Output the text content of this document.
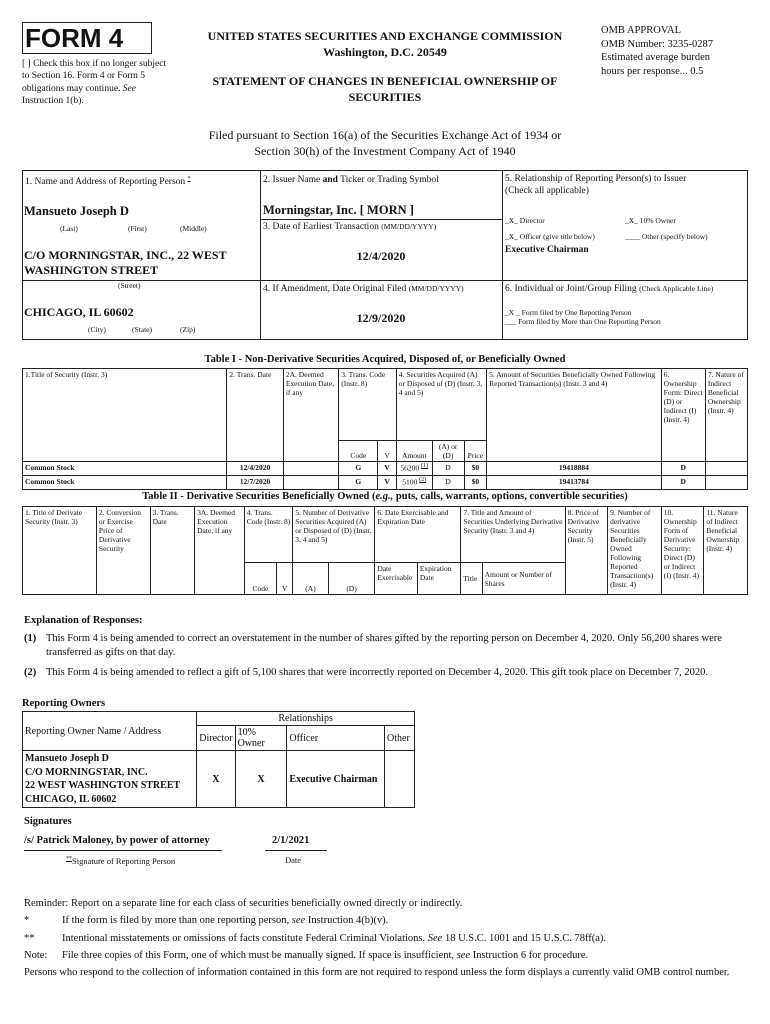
FORM 4
[ ] Check this box if no longer subject to Section 16. Form 4 or Form 5 obligations may continue. See Instruction 1(b).
UNITED STATES SECURITIES AND EXCHANGE COMMISSION
Washington, D.C. 20549
STATEMENT OF CHANGES IN BENEFICIAL OWNERSHIP OF SECURITIES
OMB APPROVAL
OMB Number: 3235-0287
Estimated average burden
hours per response... 0.5
Filed pursuant to Section 16(a) of the Securities Exchange Act of 1934 or
Section 30(h) of the Investment Company Act of 1940
1. Name and Address of Reporting Person *
Mansueto Joseph D
(Last)	(First)	(Middle)
C/O MORNINGSTAR, INC., 22 WEST WASHINGTON STREET
(Street)
CHICAGO, IL 60602
(City)	(State)	(Zip)
2. Issuer Name and Ticker or Trading Symbol
Morningstar, Inc. [ MORN ]
3. Date of Earliest Transaction (MM/DD/YYYY)
12/4/2020
4. If Amendment, Date Original Filed (MM/DD/YYYY)
12/9/2020
5. Relationship of Reporting Person(s) to Issuer
(Check all applicable)
_X_ Director	_X_ 10% Owner
_X_ Officer (give title below)	____ Other (specify below)
Executive Chairman
6. Individual or Joint/Group Filing (Check Applicable Line)
_X _ Form filed by One Reporting Person
___ Form filed by More than One Reporting Person
Table I - Non-Derivative Securities Acquired, Disposed of, or Beneficially Owned
1.Title of Security (Instr. 3)	2. Trans. Date	2A. Deemed Execution Date, if any	3. Trans. Code (Instr. 8)		4. Securities Acquired (A) or Disposed of (D) (Instr. 3, 4 and 5)			5. Amount of Securities Beneficially Owned Following Reported Transaction(s) (Instr. 3 and 4)	6. Ownership Form: Direct (D) or Indirect (I) (Instr. 4)	7. Nature of Indirect Beneficial Ownership (Instr. 4)
			Code	V	Amount	(A) or (D)	Price			
Common Stock	12/4/2020		G	V	56200 $^{(1)}$	D	$0	19418884	D	
Common Stock	12/7/2020		G	V	5100 $^{(2)}$	D	$0	19413784	D	
Table II - Derivative Securities Beneficially Owned (e.g., puts, calls, warrants, options, convertible securities)
1. Title of Derivate Security (Instr. 3)	2. Conversion or Exercise Price of Derivative Security	3. Trans. Date	3A. Deemed Execution Date, if any	4. Trans. Code (Instr. 8)		5. Number of Derivative Securities Acquired (A) or Disposed of (D) (Instr. 3, 4 and 5)		6. Date Exercisable and Expiration Date		7. Title and Amount of Securities Underlying Derivative Security (Instr. 3 and 4)		8. Price of Derivative Security (Instr. 5)	9. Number of derivative Securities Beneficially Owned Following Reported Transaction(s) (Instr. 4)	10. Ownership Form of Derivative Security: Direct (D) or Indirect (I) (Instr. 4)	11. Nature of Indirect Beneficial Ownership (Instr. 4)
				Code	V	(A)	(D)	Date Exercisable	Expiration Date	Title	Amount or Number of Shares				
Explanation of Responses:
(1) This Form 4 is being amended to correct an overstatement in the number of shares gifted by the reporting person on December 4, 2020. Only 56,200 shares were transferred as gifts on that day.
(2) This Form 4 is being amended to reflect a gift of 5,100 shares that were incorrectly reported on December 4, 2020. This gift took place on December 7, 2020.
Reporting Owners
Reporting Owner Name / Address	Relationships			
	Director	10% Owner	Officer	Other

Mansueto Joseph D
C/O MORNINGSTAR, INC.
22 WEST WASHINGTON STREET
CHICAGO, IL 60602	X	X	Executive Chairman	
Signatures
/s/ Patrick Maloney, by power of attorney	2/1/2021
**Signature of Reporting Person	Date
Reminder: Report on a separate line for each class of securities beneficially owned directly or indirectly.
*	If the form is filed by more than one reporting person, see Instruction 4(b)(v).
**	Intentional misstatements or omissions of facts constitute Federal Criminal Violations. See 18 U.S.C. 1001 and 15 U.S.C. 78ff(a).
Note: File three copies of this Form, one of which must be manually signed. If space is insufficient, see Instruction 6 for procedure.
Persons who respond to the collection of information contained in this form are not required to respond unless the form displays a currently valid OMB control number.
